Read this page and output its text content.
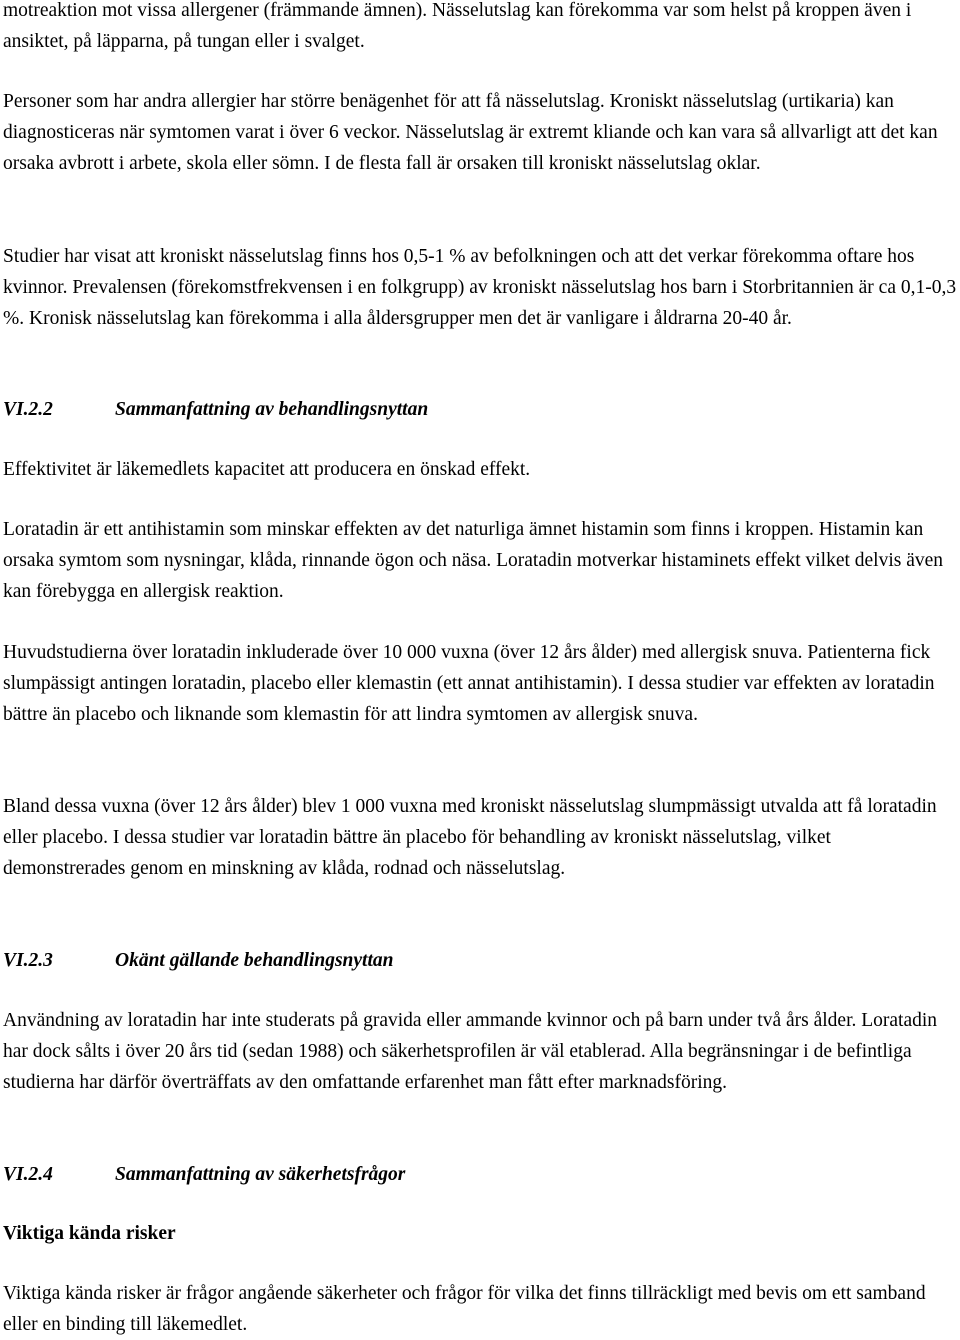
motreaktion mot vissa allergener (främmande ämnen). Nässelutslag kan förekomma var som helst på kroppen även i ansiktet, på läpparna, på tungan eller i svalget.

Personer som har andra allergier har större benägenhet för att få nässelutslag. Kroniskt nässelutslag (urtikaria) kan diagnosticeras när symtomen varat i över 6 veckor. Nässelutslag är extremt kliande och kan vara så allvarligt att det kan orsaka avbrott i arbete, skola eller sömn. I de flesta fall är orsaken till kroniskt nässelutslag oklar.

Studier har visat att kroniskt nässelutslag finns hos 0,5-1 % av befolkningen och att det verkar förekomma oftare hos kvinnor. Prevalensen (förekomstfrekvensen i en folkgrupp) av kroniskt nässelutslag hos barn i Storbritannien är ca 0,1-0,3 %. Kronisk nässelutslag kan förekomma i alla åldersgrupper men det är vanligare i åldrarna 20-40 år.

VI.2.2	Sammanfattning av behandlingsnyttan

Effektivitet är läkemedlets kapacitet att producera en önskad effekt.

Loratadin är ett antihistamin som minskar effekten av det naturliga ämnet histamin som finns i kroppen. Histamin kan orsaka symtom som nysningar, klåda, rinnande ögon och näsa. Loratadin motverkar histaminets effekt vilket delvis även kan förebygga en allergisk reaktion.

Huvudstudierna över loratadin inkluderade över 10 000 vuxna (över 12 års ålder) med allergisk snuva. Patienterna fick slumpässigt antingen loratadin, placebo eller klemastin (ett annat antihistamin). I dessa studier var effekten av loratadin bättre än placebo och liknande som klemastin för att lindra symtomen av allergisk snuva.

Bland dessa vuxna (över 12 års ålder) blev 1 000 vuxna med kroniskt nässelutslag slumpmässigt utvalda att få loratadin eller placebo. I dessa studier var loratadin bättre än placebo för behandling av kroniskt nässelutslag, vilket demonstrerades genom en minskning av klåda, rodnad och nässelutslag.

VI.2.3	Okänt gällande behandlingsnyttan

Användning av loratadin har inte studerats på gravida eller ammande kvinnor och på barn under två års ålder. Loratadin har dock sålts i över 20 års tid (sedan 1988) och säkerhetsprofilen är väl etablerad. Alla begränsningar i de befintliga studierna har därför överträffats av den omfattande erfarenhet man fått efter marknadsföring.

VI.2.4	Sammanfattning av säkerhetsfrågor
Viktiga kända risker

Viktiga kända risker är frågor angående säkerheter och frågor för vilka det finns tillräckligt med bevis om ett samband eller en binding till läkemedlet.
